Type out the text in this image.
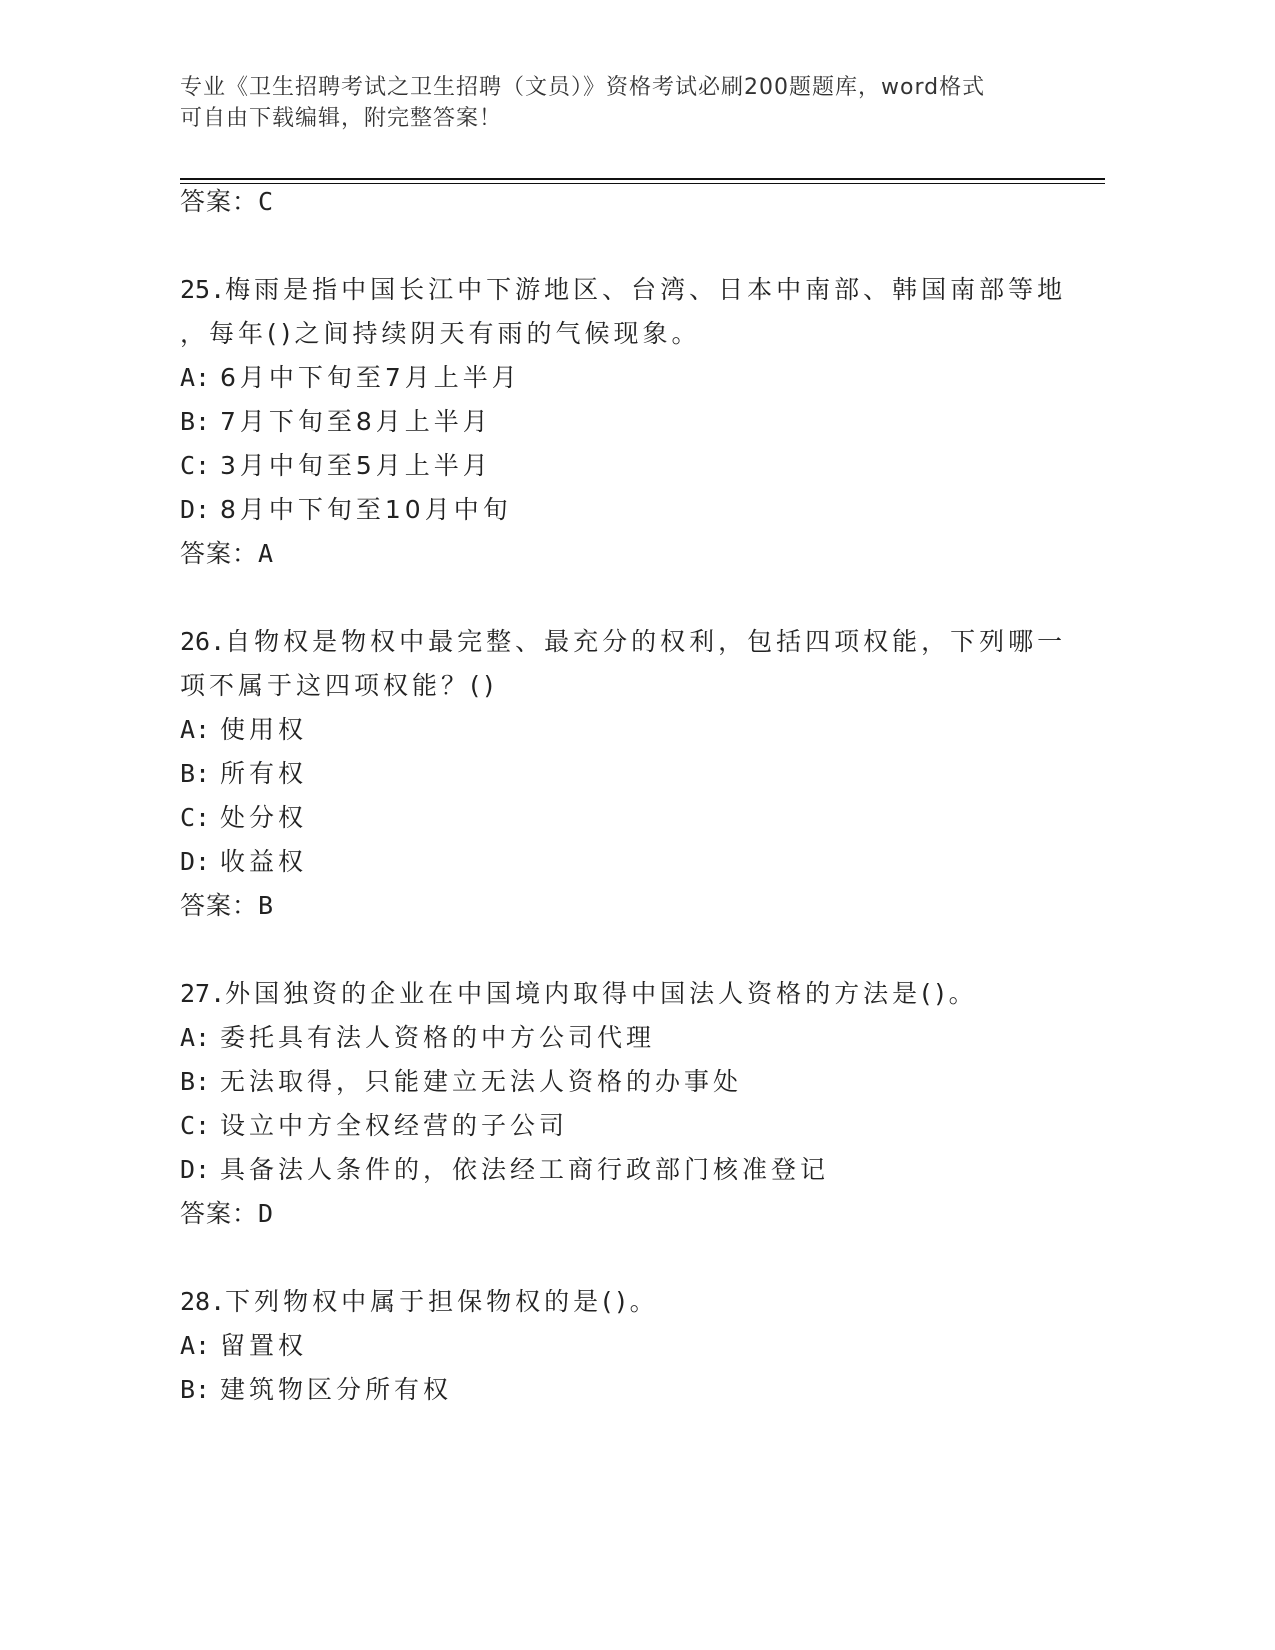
专业《卫生招聘考试之卫生招聘（文员）》资格考试必刷200题题库，word格式
可自由下载编辑，附完整答案！
答案：C
25.梅雨是指中国长江中下游地区、台湾、日本中南部、韩国南部等地
，每年()之间持续阴天有雨的气候现象。
A: 6月中下旬至7月上半月
B: 7月下旬至8月上半月
C: 3月中旬至5月上半月
D: 8月中下旬至10月中旬
答案：A
26.自物权是物权中最完整、最充分的权利，包括四项权能，下列哪一
项不属于这四项权能？()
A: 使用权
B: 所有权
C: 处分权
D: 收益权
答案：B
27.外国独资的企业在中国境内取得中国法人资格的方法是()。
A: 委托具有法人资格的中方公司代理
B: 无法取得，只能建立无法人资格的办事处
C: 设立中方全权经营的子公司
D: 具备法人条件的，依法经工商行政部门核准登记
答案：D
28.下列物权中属于担保物权的是()。
A: 留置权
B: 建筑物区分所有权
